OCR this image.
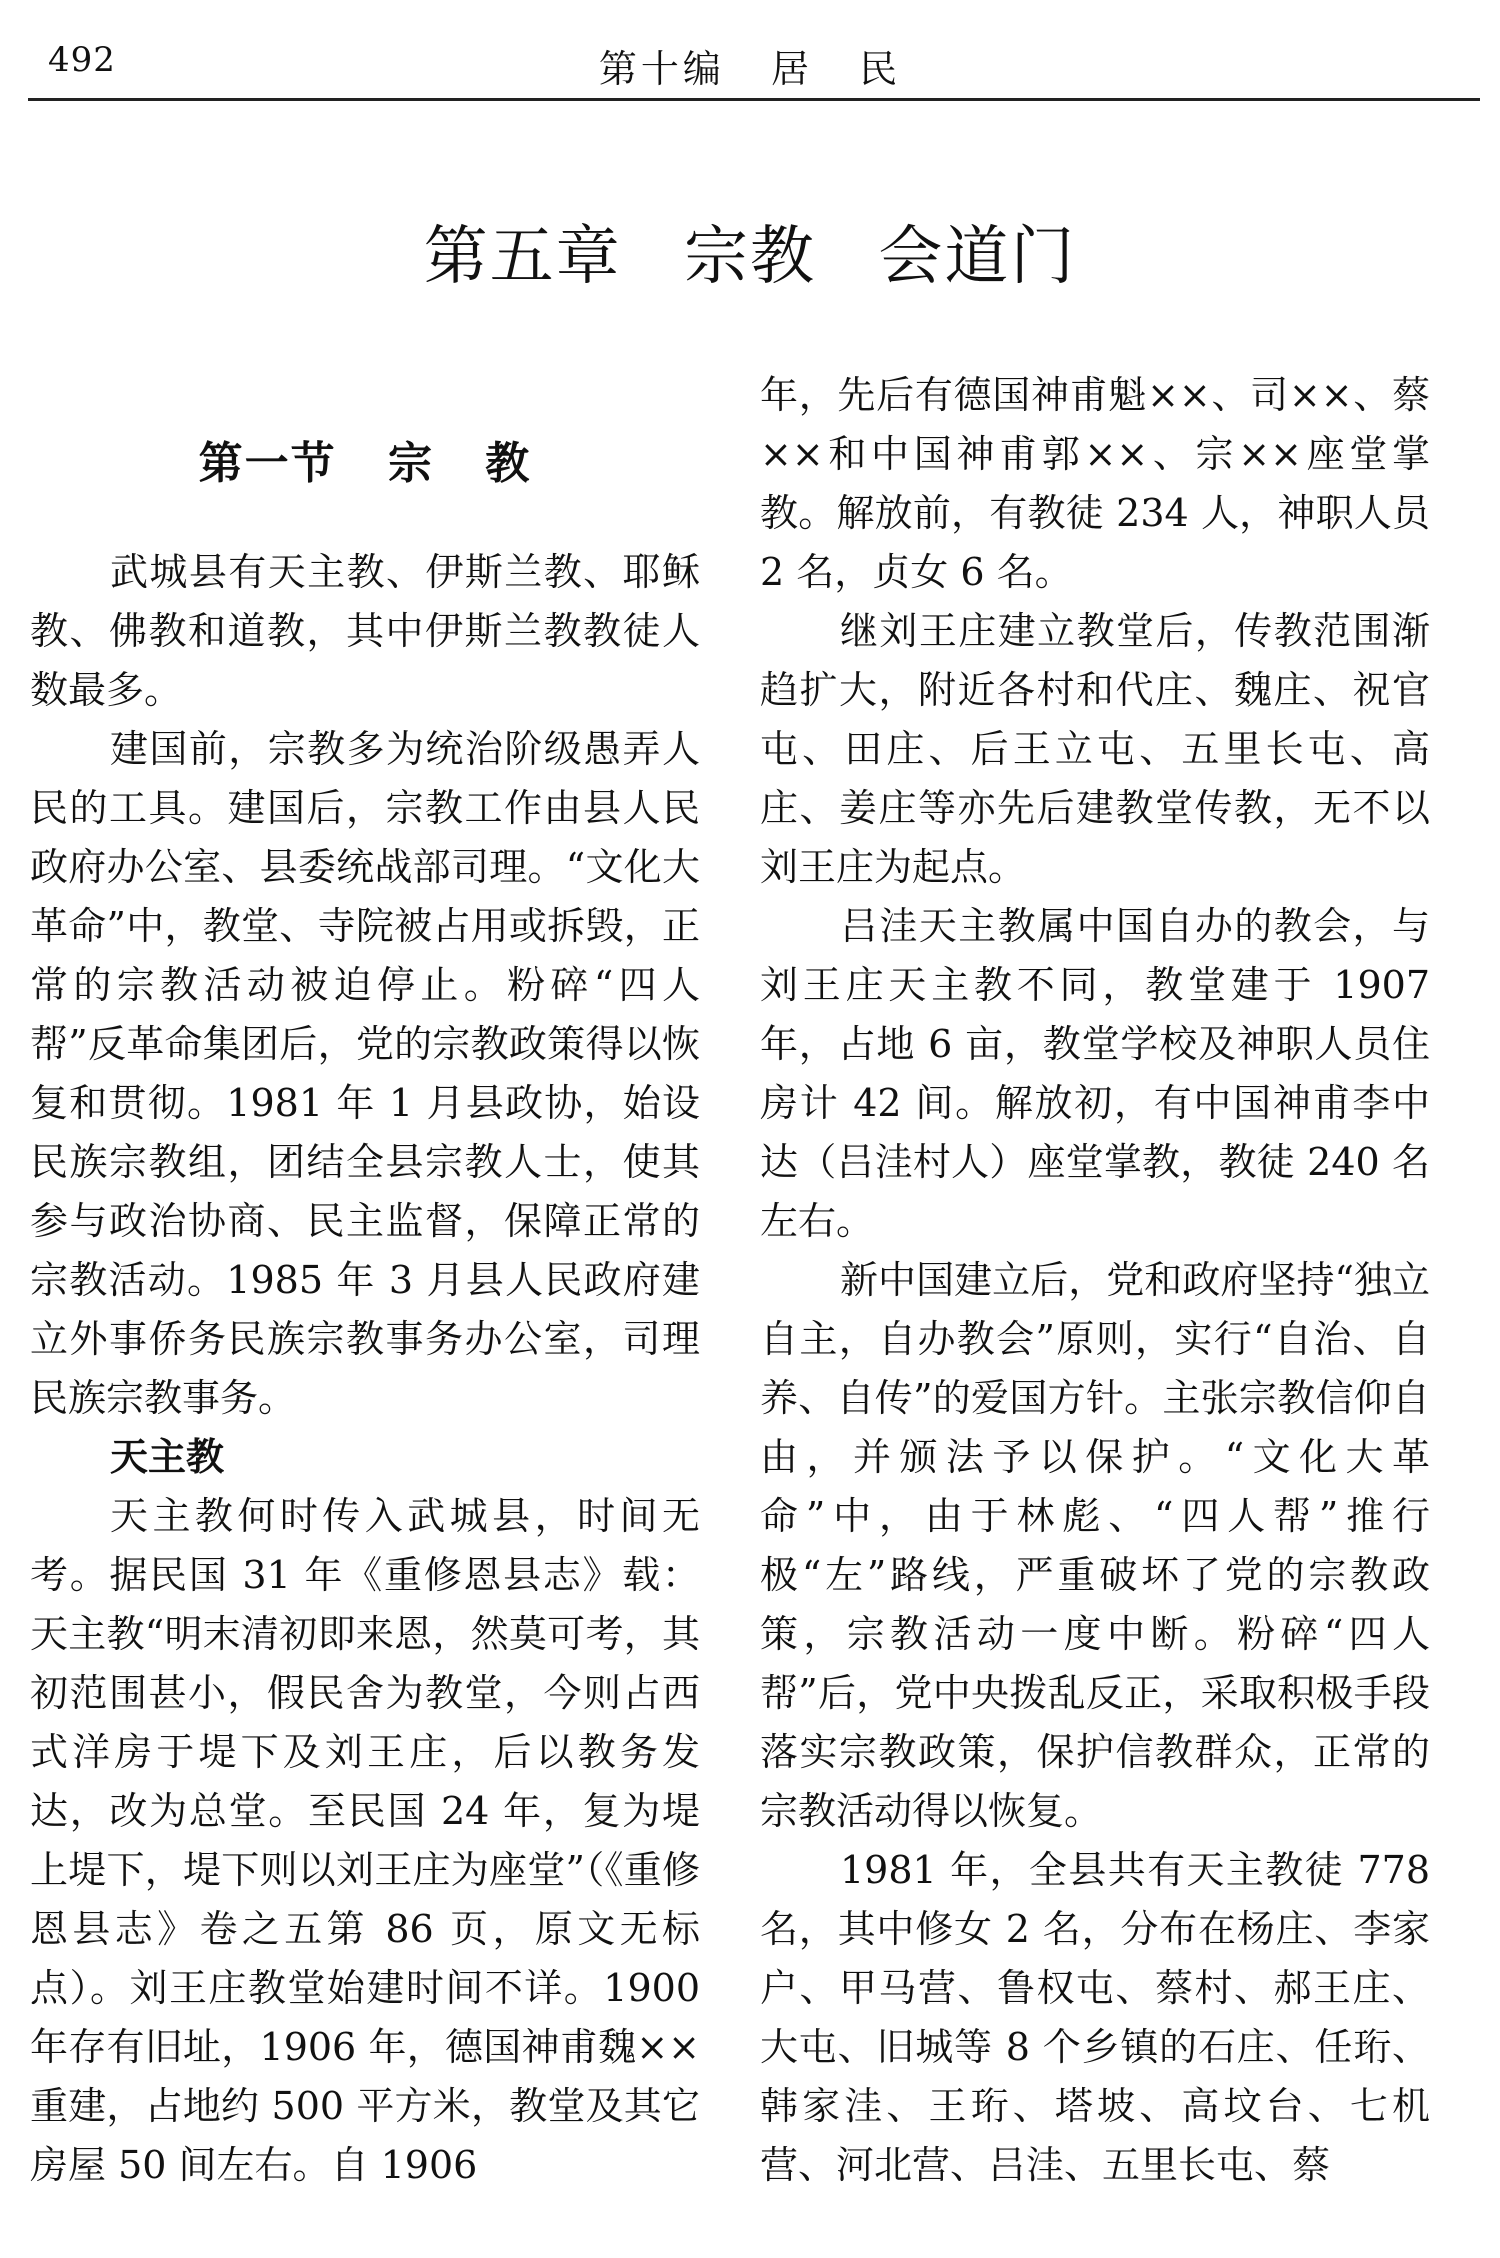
492	第十编 居 民
第五章 宗教 会道门
第一节 宗 教

武城县有天主教、伊斯兰教、耶稣教、佛教和道教，其中伊斯兰教教徒人数最多。

建国前，宗教多为统治阶级愚弄人民的工具。建国后，宗教工作由县人民政府办公室、县委统战部司理。“文化大革命”中，教堂、寺院被占用或拆毁，正常的宗教活动被迫停止。粉碎“四人帮”反革命集团后，党的宗教政策得以恢复和贯彻。1981 年 1 月县政协，始设民族宗教组，团结全县宗教人士，使其参与政治协商、民主监督，保障正常的宗教活动。1985 年 3 月县人民政府建立外事侨务民族宗教事务办公室，司理民族宗教事务。

天主教

天主教何时传入武城县，时间无考。据民国 31 年《重修恩县志》载：天主教“明末清初即来恩，然莫可考，其初范围甚小，假民舍为教堂，今则占西式洋房于堤下及刘王庄，后以教务发达，改为总堂。至民国 24 年，复为堤上堤下，堤下则以刘王庄为座堂”（《重修恩县志》卷之五第 86 页，原文无标点）。刘王庄教堂始建时间不详。1900 年存有旧址，1906 年，德国神甫魏××重建，占地约 500 平方米，教堂及其它房屋 50 间左右。自 1906

年，先后有德国神甫魁××、司××、蔡××和中国神甫郭××、宗××座堂掌教。解放前，有教徒 234 人，神职人员 2 名，贞女 6 名。

继刘王庄建立教堂后，传教范围渐趋扩大，附近各村和代庄、魏庄、祝官屯、田庄、后王立屯、五里长屯、高庄、姜庄等亦先后建教堂传教，无不以刘王庄为起点。

吕洼天主教属中国自办的教会，与刘王庄天主教不同，教堂建于 1907 年，占地 6 亩，教堂学校及神职人员住房计 42 间。解放初，有中国神甫李中达（吕洼村人）座堂掌教，教徒 240 名左右。

新中国建立后，党和政府坚持“独立自主，自办教会”原则，实行“自治、自养、自传”的爱国方针。主张宗教信仰自由，并颁法予以保护。“文化大革命”中，由于林彪、“四人帮”推行极“左”路线，严重破坏了党的宗教政策，宗教活动一度中断。粉碎“四人帮”后，党中央拨乱反正，采取积极手段落实宗教政策，保护信教群众，正常的宗教活动得以恢复。

1981 年，全县共有天主教徒 778 名，其中修女 2 名，分布在杨庄、李家户、甲马营、鲁权屯、蔡村、郝王庄、大屯、旧城等 8 个乡镇的石庄、任珩、韩家洼、王珩、塔坡、高坟台、七机营、河北营、吕洼、五里长屯、蔡
